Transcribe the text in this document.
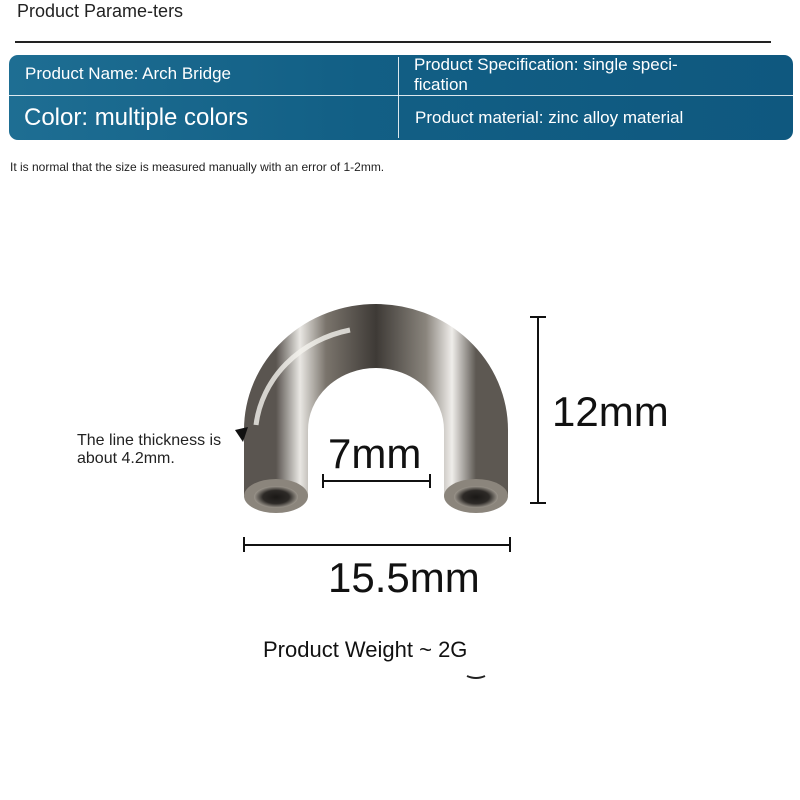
Product Parame-ters
Product Name: Arch Bridge	Product Specification: single speci-fication
Color: multiple colors	Product material: zinc alloy material
It is normal that the size is measured manually with an error of 1-2mm.
The line thickness is about 4.2mm.	7mm
12mm
15.5mm
Product Weight ~ 2G
